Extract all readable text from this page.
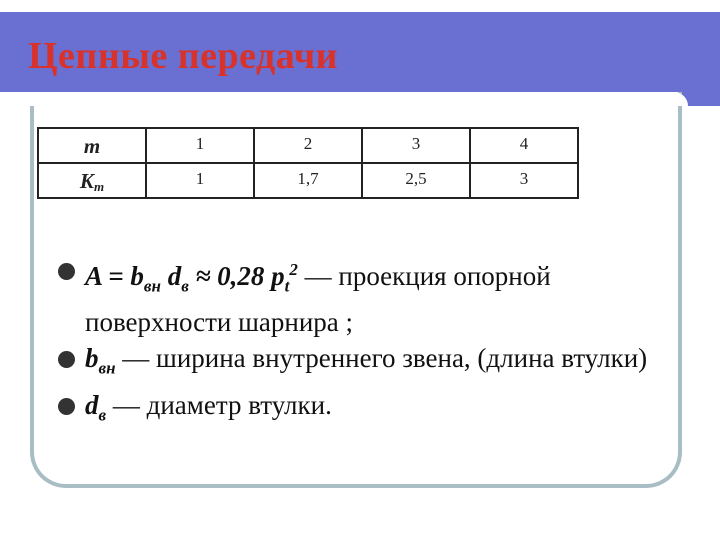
Цепные передачи
m	1	2	3	4
$K_m$	1	1,7	2,5	3
$A = b_{вн}$ $d_в \approx 0,28$ $p_t^2$ — проекция опорной поверхности шарнира ;
$b_{вн}$ — ширина внутреннего звена, (длина втулки)
$d_в$ — диаметр втулки.
